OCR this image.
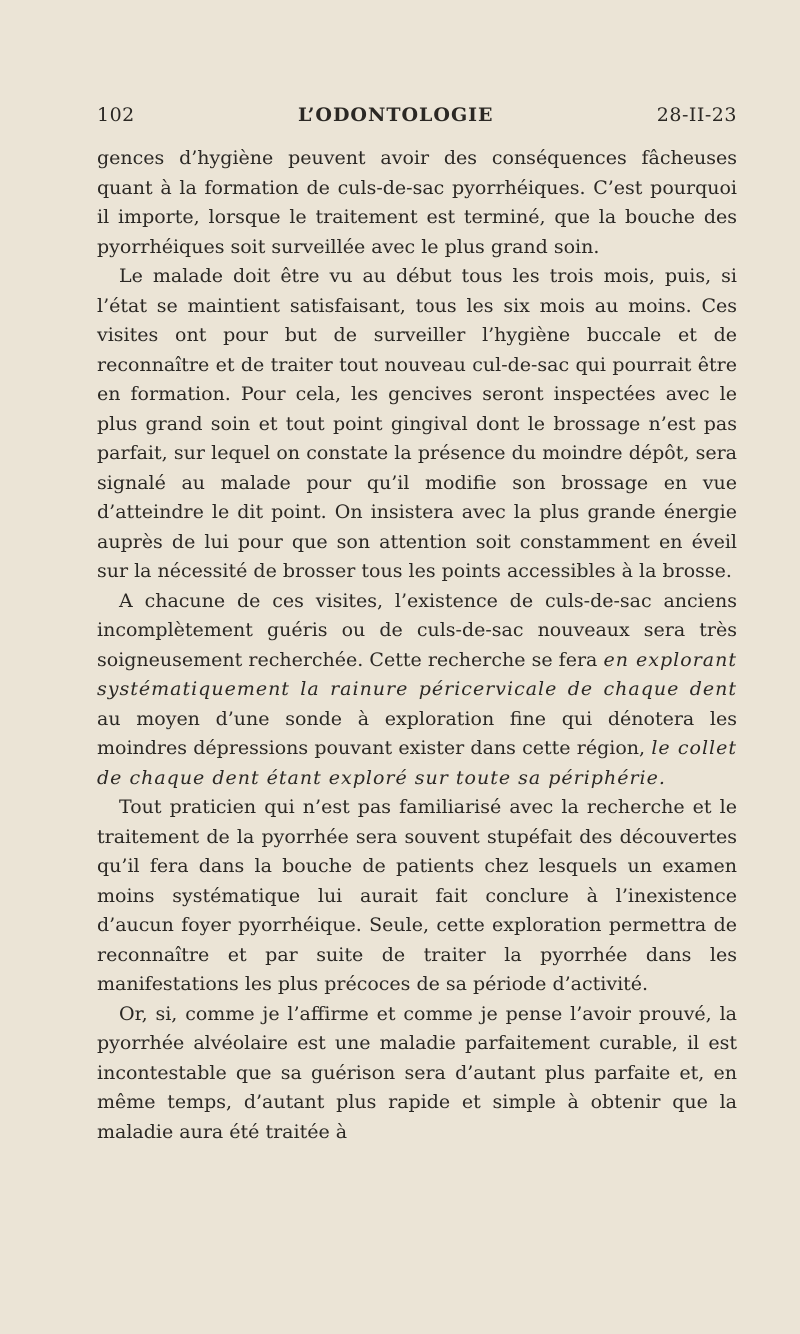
102	L’ODONTOLOGIE	28-II-23

gences d’hygiène peuvent avoir des conséquences fâcheuses quant à la formation de culs-de-sac pyorrhéiques. C’est pourquoi il importe, lorsque le traitement est terminé, que la bouche des pyorrhéiques soit surveillée avec le plus grand soin.

Le malade doit être vu au début tous les trois mois, puis, si l’état se maintient satisfaisant, tous les six mois au moins. Ces visites ont pour but de surveiller l’hygiène buccale et de reconnaître et de traiter tout nouveau cul-de-sac qui pourrait être en formation. Pour cela, les gencives seront inspectées avec le plus grand soin et tout point gingival dont le brossage n’est pas parfait, sur lequel on constate la présence du moindre dépôt, sera signalé au malade pour qu’il modifie son brossage en vue d’atteindre le dit point. On insistera avec la plus grande énergie auprès de lui pour que son attention soit constamment en éveil sur la nécessité de brosser tous les points accessibles à la brosse.

A chacune de ces visites, l’existence de culs-de-sac anciens incomplètement guéris ou de culs-de-sac nouveaux sera très soigneusement recherchée. Cette recherche se fera en explorant systématiquement la rainure péricervicale de chaque dent au moyen d’une sonde à exploration fine qui dénotera les moindres dépressions pouvant exister dans cette région, le collet de chaque dent étant exploré sur toute sa périphérie.

Tout praticien qui n’est pas familiarisé avec la recherche et le traitement de la pyorrhée sera souvent stupéfait des découvertes qu’il fera dans la bouche de patients chez lesquels un examen moins systématique lui aurait fait conclure à l’inexistence d’aucun foyer pyorrhéique. Seule, cette exploration permettra de reconnaître et par suite de traiter la pyorrhée dans les manifestations les plus précoces de sa période d’activité.

Or, si, comme je l’affirme et comme je pense l’avoir prouvé, la pyorrhée alvéolaire est une maladie parfaitement curable, il est incontestable que sa guérison sera d’autant plus parfaite et, en même temps, d’autant plus rapide et simple à obtenir que la maladie aura été traitée à
